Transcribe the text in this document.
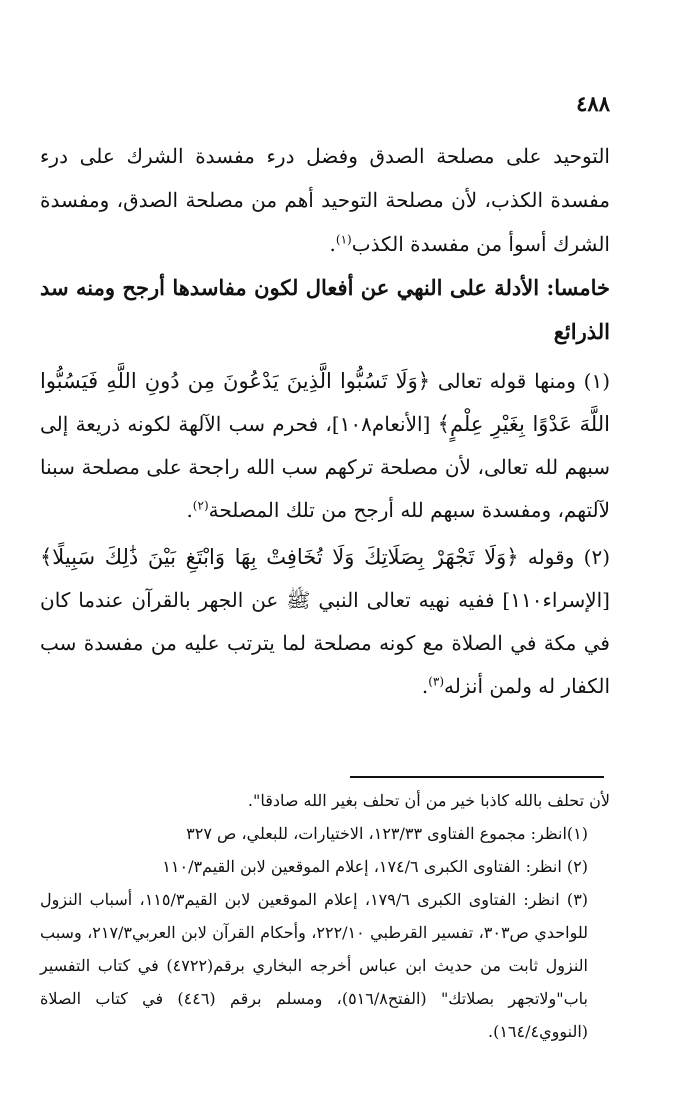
٤٨٨

التوحيد على مصلحة الصدق وفضل درء مفسدة الشرك على درء مفسدة الكذب، لأن مصلحة التوحيد أهم من مصلحة الصدق، ومفسدة الشرك أسوأ من مفسدة الكذب$^{(١)}$.

خامسا: الأدلة على النهي عن أفعال لكون مفاسدها أرجح ومنه سد الذرائع

(١) ومنها قوله تعالى ﴿وَلَا تَسُبُّوا الَّذِينَ يَدْعُونَ مِن دُونِ اللَّهِ فَيَسُبُّوا اللَّهَ عَدْوًا بِغَيْرِ عِلْمٍ﴾ [الأنعام١٠٨]، فحرم سب الآلهة لكونه ذريعة إلى سبهم لله تعالى، لأن مصلحة تركهم سب الله راجحة على مصلحة سبنا لآلتهم، ومفسدة سبهم لله أرجح من تلك المصلحة$^{(٢)}$.

(٢) وقوله ﴿وَلَا تَجْهَرْ بِصَلَاتِكَ وَلَا تُخَافِتْ بِهَا وَابْتَغِ بَيْنَ ذَٰلِكَ سَبِيلًا﴾ [الإسراء١١٠] ففيه نهيه تعالى النبي ﷺ عن الجهر بالقرآن عندما كان في مكة في الصلاة مع كونه مصلحة لما يترتب عليه من مفسدة سب الكفار له ولمن أنزله$^{(٣)}$.

لأن تحلف بالله كاذبا خير من أن تحلف بغير الله صادقا".

(١)انظر: مجموع الفتاوى ١٢٣/٣٣، الاختيارات، للبعلي، ص ٣٢٧

(٢) انظر: الفتاوى الكبرى ١٧٤/٦، إعلام الموقعين لابن القيم١١٠/٣

(٣) انظر: الفتاوى الكبرى ١٧٩/٦، إعلام الموقعين لابن القيم١١٥/٣، أسباب النزول للواحدي ص٣٠٣، تفسير القرطبي ٢٢٢/١٠، وأحكام القرآن لابن العربي٢١٧/٣، وسبب النزول ثابت من حديث ابن عباس أخرجه البخاري برقم(٤٧٢٢) في كتاب التفسير باب"ولاتجهر بصلاتك" (الفتح٥١٦/٨)، ومسلم برقم (٤٤٦) في كتاب الصلاة (النووي١٦٤/٤).
